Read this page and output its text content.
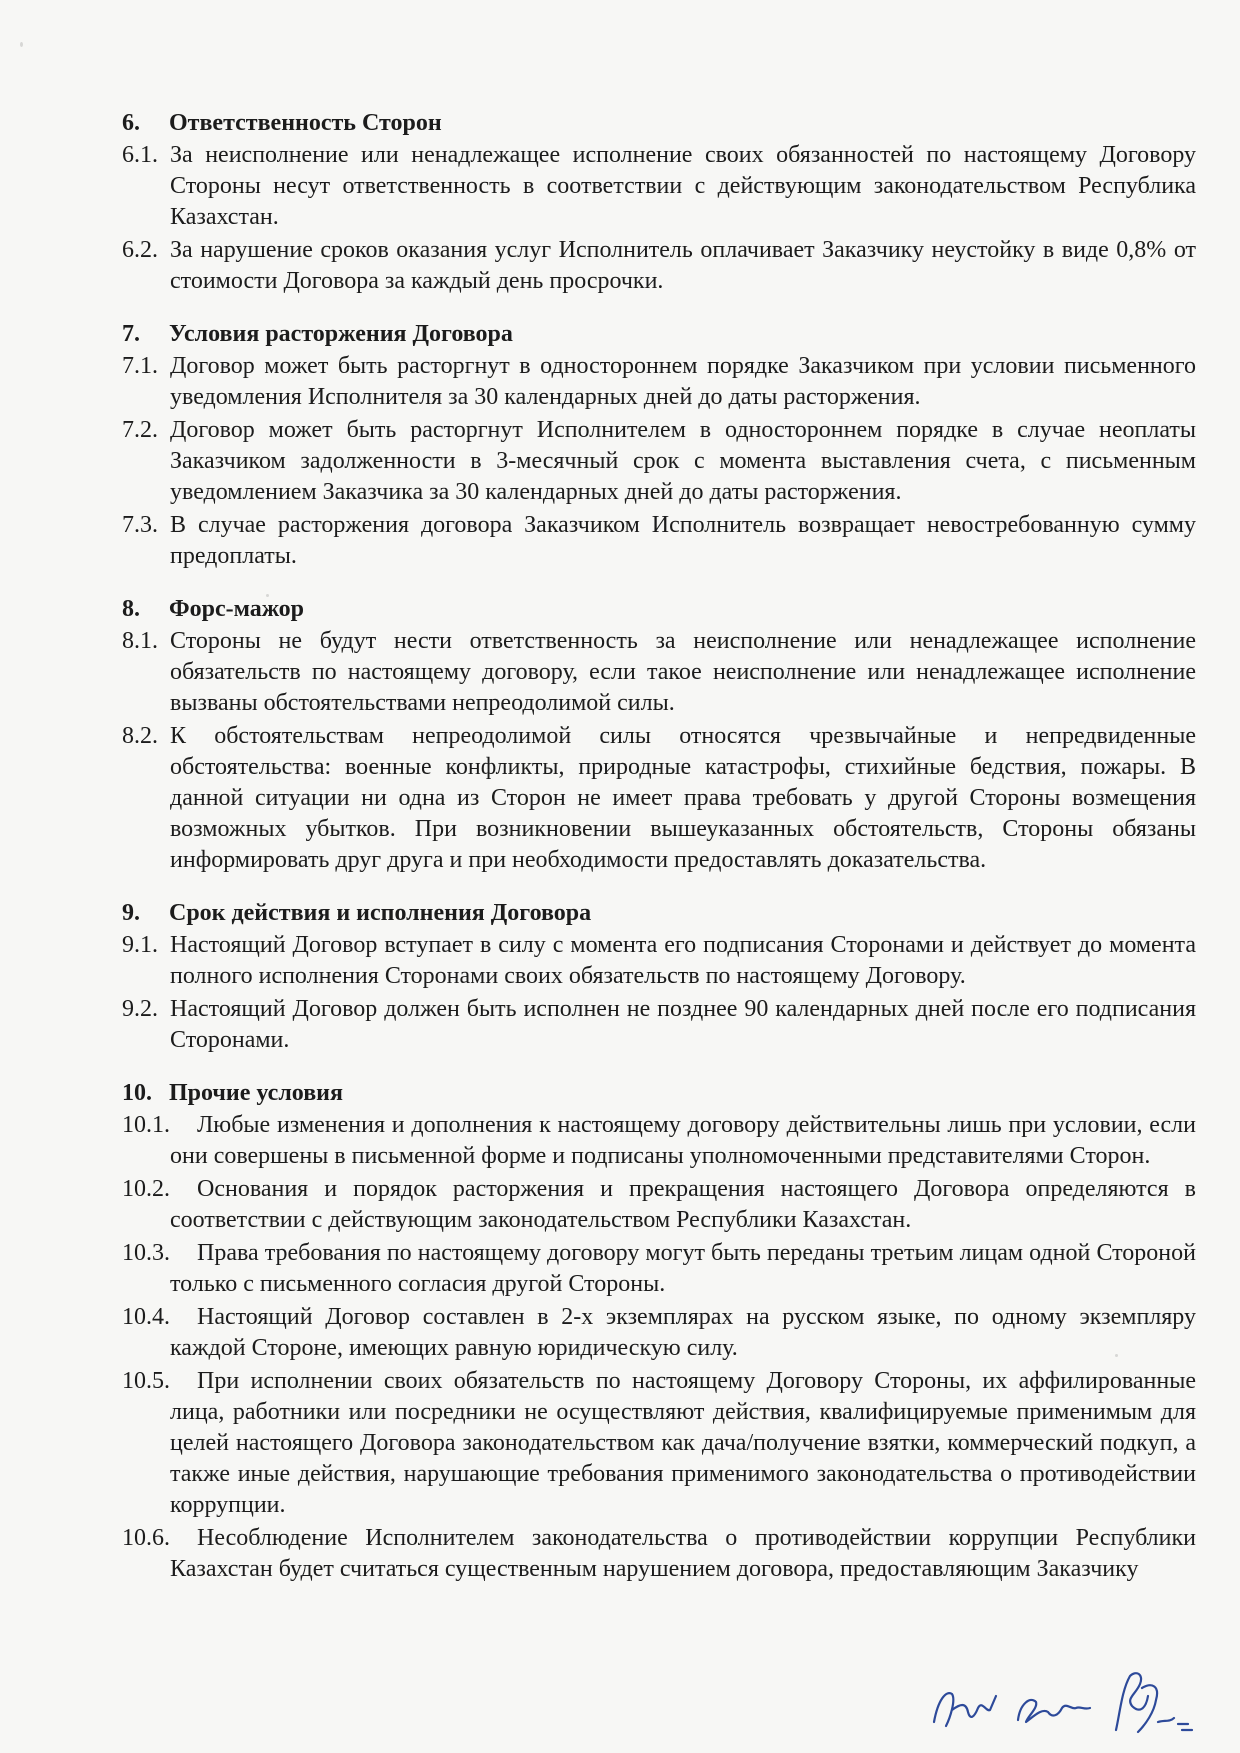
6. Ответственность Сторон
6.1. За неисполнение или ненадлежащее исполнение своих обязанностей по настоящему Договору Стороны несут ответственность в соответствии с действующим законодательством Республика Казахстан.
6.2. За нарушение сроков оказания услуг Исполнитель оплачивает Заказчику неустойку в виде 0,8% от стоимости Договора за каждый день просрочки.
7. Условия расторжения Договора
7.1. Договор может быть расторгнут в одностороннем порядке Заказчиком при условии письменного уведомления Исполнителя за 30 календарных дней до даты расторжения.
7.2. Договор может быть расторгнут Исполнителем в одностороннем порядке в случае неоплаты Заказчиком задолженности в 3-месячный срок с момента выставления счета, с письменным уведомлением Заказчика за 30 календарных дней до даты расторжения.
7.3. В случае расторжения договора Заказчиком Исполнитель возвращает невостребованную сумму предоплаты.
8. Форс-мажор
8.1. Стороны не будут нести ответственность за неисполнение или ненадлежащее исполнение обязательств по настоящему договору, если такое неисполнение или ненадлежащее исполнение вызваны обстоятельствами непреодолимой силы.
8.2. К обстоятельствам непреодолимой силы относятся чрезвычайные и непредвиденные обстоятельства: военные конфликты, природные катастрофы, стихийные бедствия, пожары. В данной ситуации ни одна из Сторон не имеет права требовать у другой Стороны возмещения возможных убытков. При возникновении вышеуказанных обстоятельств, Стороны обязаны информировать друг друга и при необходимости предоставлять доказательства.
9. Срок действия и исполнения Договора
9.1. Настоящий Договор вступает в силу с момента его подписания Сторонами и действует до момента полного исполнения Сторонами своих обязательств по настоящему Договору.
9.2. Настоящий Договор должен быть исполнен не позднее 90 календарных дней после его подписания Сторонами.
10. Прочие условия
10.1.	Любые изменения и дополнения к настоящему договору действительны лишь при условии, если они совершены в письменной форме и подписаны уполномоченными представителями Сторон.
10.2.	Основания и порядок расторжения и прекращения настоящего Договора определяются в соответствии с действующим законодательством Республики Казахстан.
10.3.	Права требования по настоящему договору могут быть переданы третьим лицам одной Стороной только с письменного согласия другой Стороны.
10.4.	Настоящий Договор составлен в 2-х экземплярах на русском языке, по одному экземпляру каждой Стороне, имеющих равную юридическую силу.
10.5.	При исполнении своих обязательств по настоящему Договору Стороны, их аффилированные лица, работники или посредники не осуществляют действия, квалифицируемые применимым для целей настоящего Договора законодательством как дача/получение взятки, коммерческий подкуп, а также иные действия, нарушающие требования применимого законодательства о противодействии коррупции.
10.6.	Несоблюдение Исполнителем законодательства о противодействии коррупции Республики Казахстан будет считаться существенным нарушением договора, предоставляющим Заказчику
